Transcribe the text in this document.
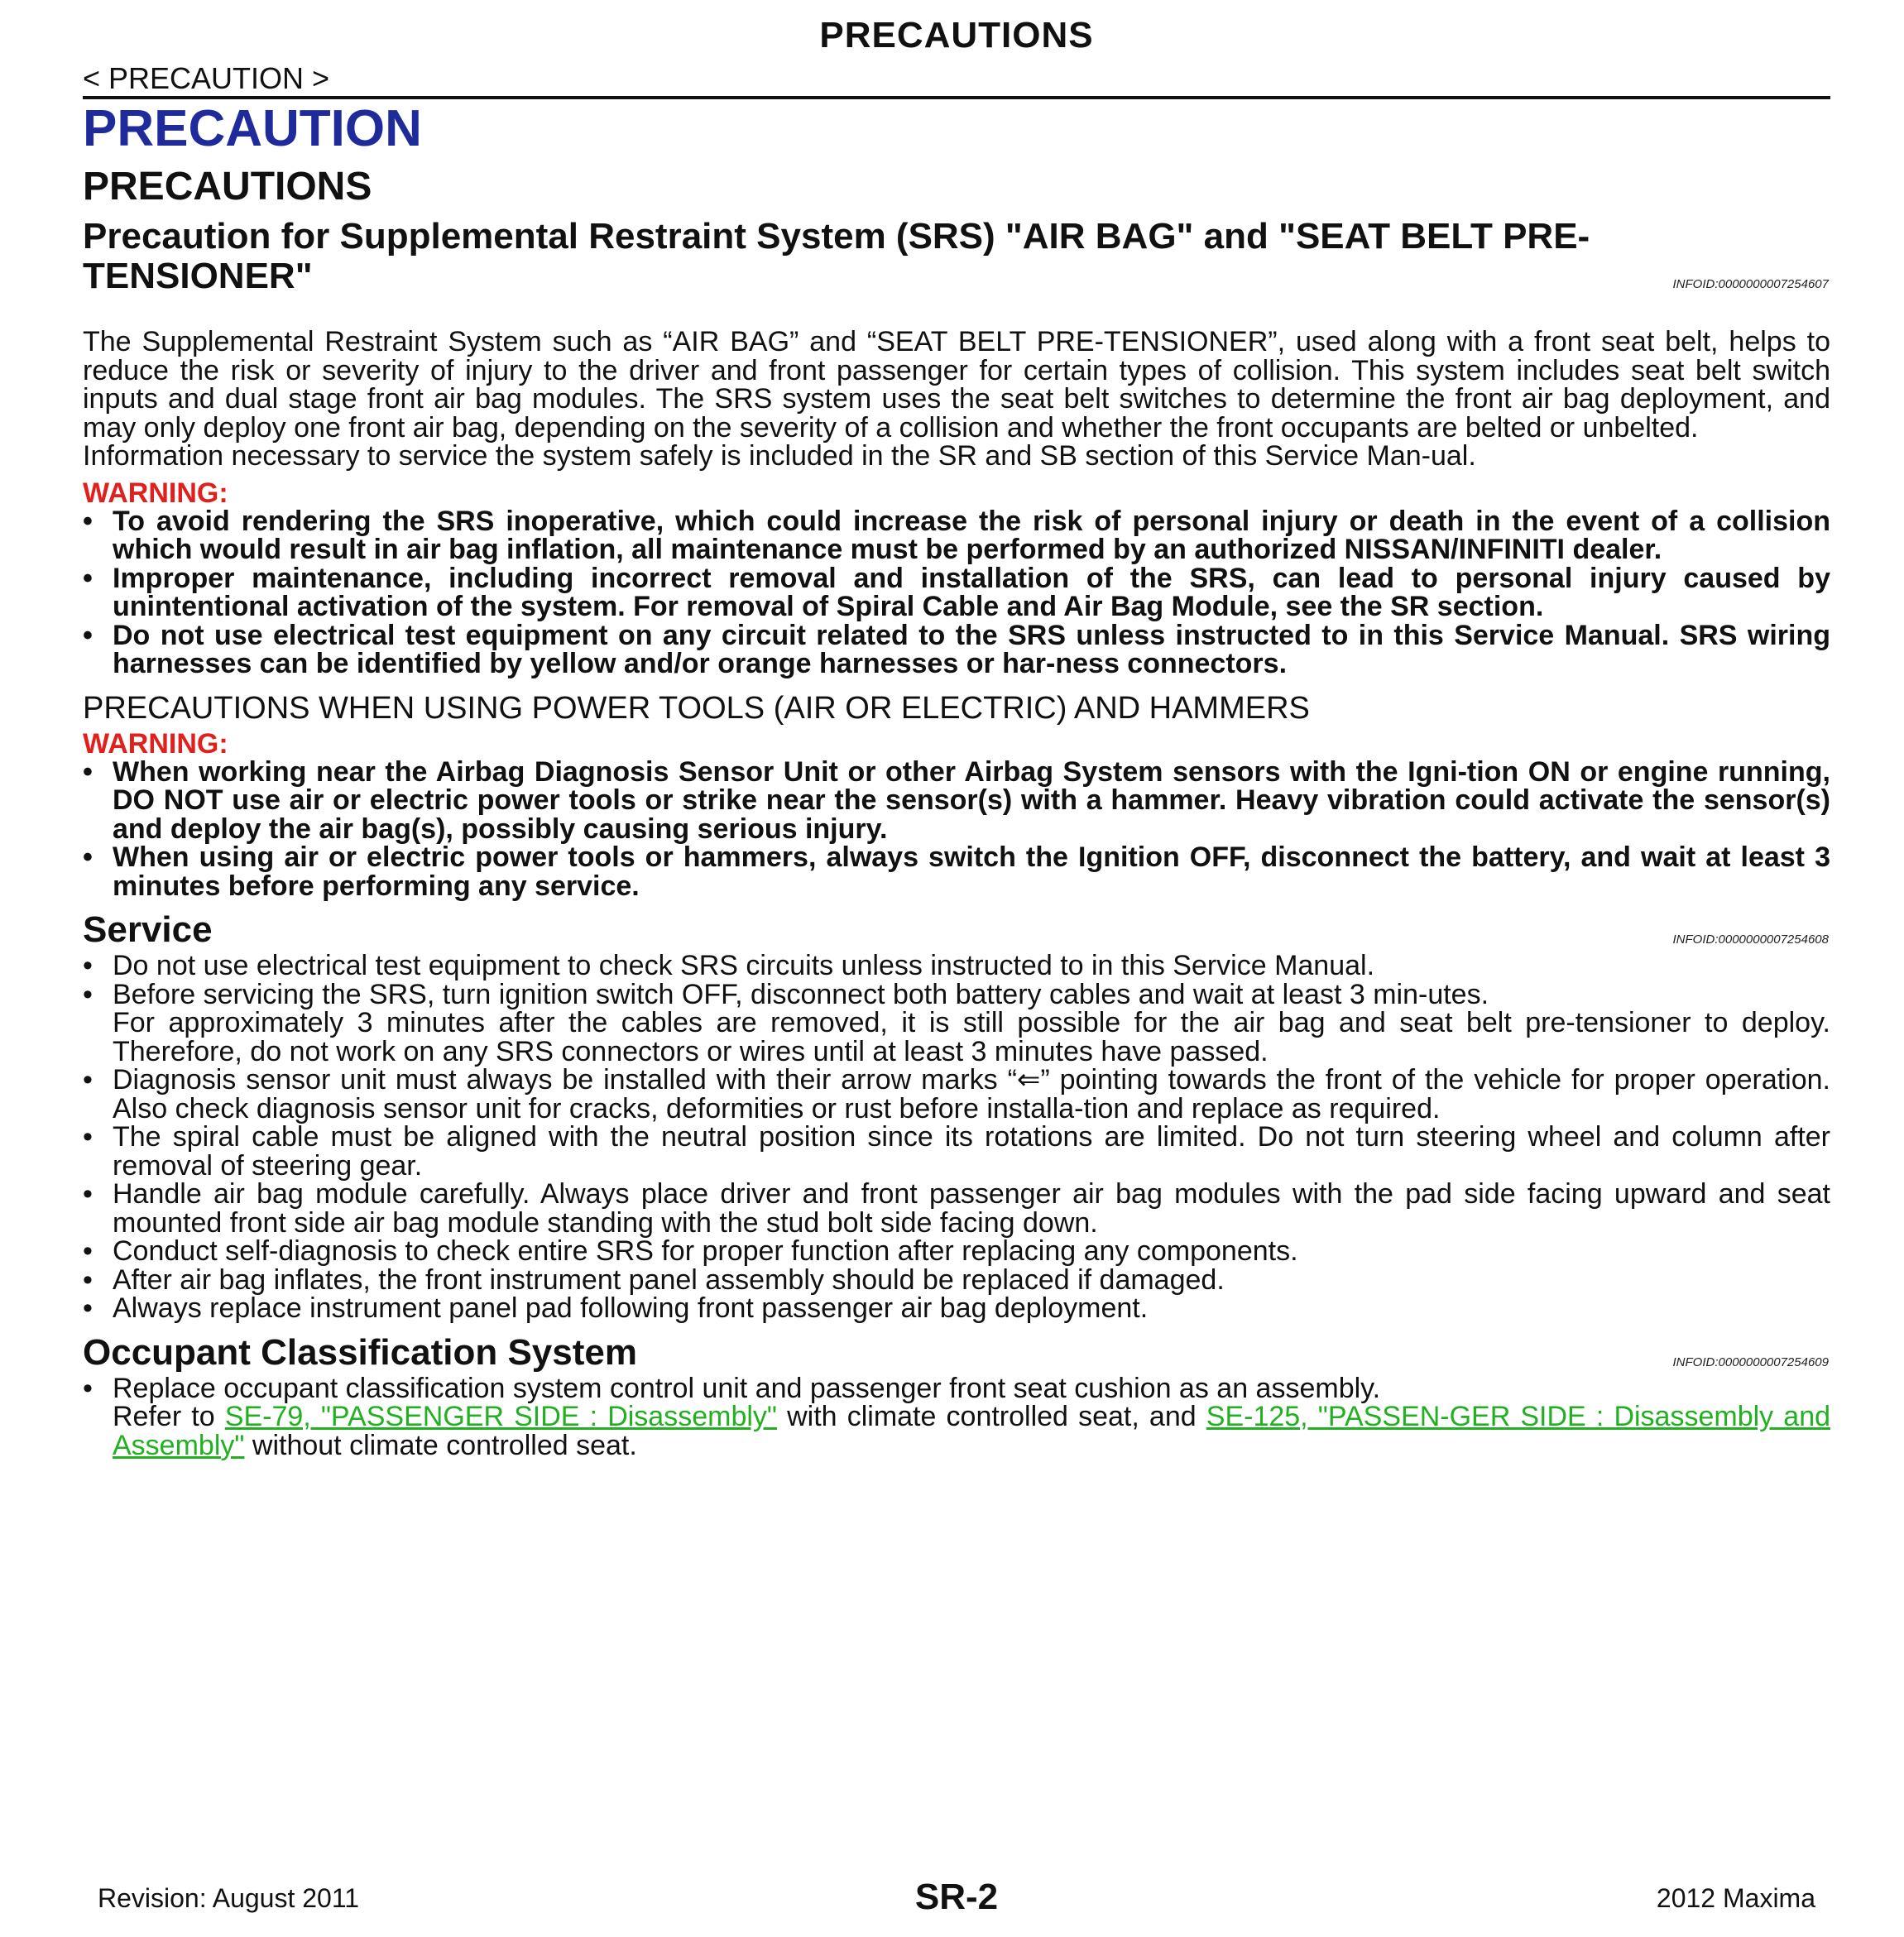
PRECAUTIONS
< PRECAUTION >
PRECAUTION
PRECAUTIONS
Precaution for Supplemental Restraint System (SRS) "AIR BAG" and "SEAT BELT PRE-TENSIONER"	INFOID:0000000007254607

The Supplemental Restraint System such as “AIR BAG” and “SEAT BELT PRE-TENSIONER”, used along with a front seat belt, helps to reduce the risk or severity of injury to the driver and front passenger for certain types of collision. This system includes seat belt switch inputs and dual stage front air bag modules. The SRS system uses the seat belt switches to determine the front air bag deployment, and may only deploy one front air bag, depending on the severity of a collision and whether the front occupants are belted or unbelted.

Information necessary to service the system safely is included in the SR and SB section of this Service Man-ual.

WARNING:
• To avoid rendering the SRS inoperative, which could increase the risk of personal injury or death in the event of a collision which would result in air bag inflation, all maintenance must be performed by an authorized NISSAN/INFINITI dealer.
• Improper maintenance, including incorrect removal and installation of the SRS, can lead to personal injury caused by unintentional activation of the system. For removal of Spiral Cable and Air Bag Module, see the SR section.
• Do not use electrical test equipment on any circuit related to the SRS unless instructed to in this Service Manual. SRS wiring harnesses can be identified by yellow and/or orange harnesses or har-ness connectors.
PRECAUTIONS WHEN USING POWER TOOLS (AIR OR ELECTRIC) AND HAMMERS
WARNING:
• When working near the Airbag Diagnosis Sensor Unit or other Airbag System sensors with the Igni-tion ON or engine running, DO NOT use air or electric power tools or strike near the sensor(s) with a hammer. Heavy vibration could activate the sensor(s) and deploy the air bag(s), possibly causing serious injury.
• When using air or electric power tools or hammers, always switch the Ignition OFF, disconnect the battery, and wait at least 3 minutes before performing any service.
Service	INFOID:0000000007254608
• Do not use electrical test equipment to check SRS circuits unless instructed to in this Service Manual.
• Before servicing the SRS, turn ignition switch OFF, disconnect both battery cables and wait at least 3 min-utes.
For approximately 3 minutes after the cables are removed, it is still possible for the air bag and seat belt pre-tensioner to deploy. Therefore, do not work on any SRS connectors or wires until at least 3 minutes have passed.
• Diagnosis sensor unit must always be installed with their arrow marks “⇐” pointing towards the front of the vehicle for proper operation. Also check diagnosis sensor unit for cracks, deformities or rust before installa-tion and replace as required.
• The spiral cable must be aligned with the neutral position since its rotations are limited. Do not turn steering wheel and column after removal of steering gear.
• Handle air bag module carefully. Always place driver and front passenger air bag modules with the pad side facing upward and seat mounted front side air bag module standing with the stud bolt side facing down.
• Conduct self-diagnosis to check entire SRS for proper function after replacing any components.
• After air bag inflates, the front instrument panel assembly should be replaced if damaged.
• Always replace instrument panel pad following front passenger air bag deployment.
Occupant Classification System	INFOID:0000000007254609
• Replace occupant classification system control unit and passenger front seat cushion as an assembly.
Refer to SE-79, "PASSENGER SIDE : Disassembly" with climate controlled seat, and SE-125, "PASSEN-GER SIDE : Disassembly and Assembly" without climate controlled seat.
Revision: August 2011	SR-2	2012 Maxima
